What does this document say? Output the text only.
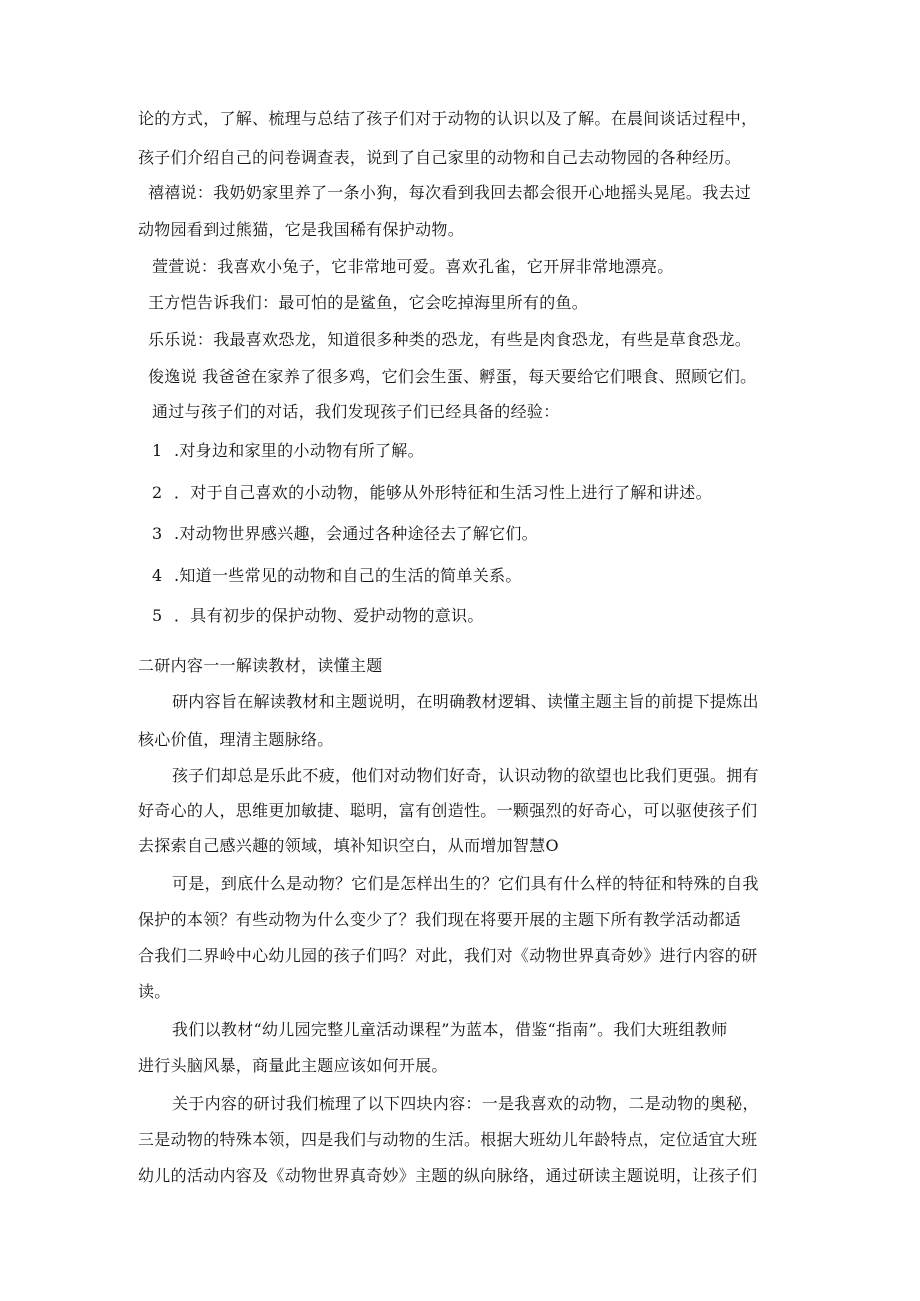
论的方式，了解、梳理与总结了孩子们对于动物的认识以及了解。在晨间谈话过程中，
孩子们介绍自己的问卷调查表，说到了自己家里的动物和自己去动物园的各种经历。
禧禧说：我奶奶家里养了一条小狗，每次看到我回去都会很开心地摇头晃尾。我去过
动物园看到过熊猫，它是我国稀有保护动物。
萱萱说：我喜欢小兔子，它非常地可爱。喜欢孔雀，它开屏非常地漂亮。
王方恺告诉我们：最可怕的是鲨鱼，它会吃掉海里所有的鱼。
乐乐说：我最喜欢恐龙，知道很多种类的恐龙，有些是肉食恐龙，有些是草食恐龙。
俊逸说 我爸爸在家养了很多鸡，它们会生蛋、孵蛋，每天要给它们喂食、照顾它们。
通过与孩子们的对话，我们发现孩子们已经具备的经验：
1 .对身边和家里的小动物有所了解。
2 ．对于自己喜欢的小动物，能够从外形特征和生活习性上进行了解和讲述。
3 .对动物世界感兴趣，会通过各种途径去了解它们。
4 .知道一些常见的动物和自己的生活的简单关系。
5 ．具有初步的保护动物、爱护动物的意识。
二研内容一一解读教材，读懂主题
研内容旨在解读教材和主题说明，在明确教材逻辑、读懂主题主旨的前提下提炼出
核心价值，理清主题脉络。
孩子们却总是乐此不疲，他们对动物们好奇，认识动物的欲望也比我们更强。拥有
好奇心的人，思维更加敏捷、聪明，富有创造性。一颗强烈的好奇心，可以驱使孩子们
去探索自己感兴趣的领域，填补知识空白，从而增加智慧O
可是，到底什么是动物？它们是怎样出生的？它们具有什么样的特征和特殊的自我
保护的本领？有些动物为什么变少了？我们现在将要开展的主题下所有教学活动都适
合我们二界岭中心幼儿园的孩子们吗？对此，我们对《动物世界真奇妙》进行内容的研
读。
我们以教材“幼儿园完整儿童活动课程”为蓝本，借鉴“指南”。我们大班组教师
进行头脑风暴，商量此主题应该如何开展。
关于内容的研讨我们梳理了以下四块内容：一是我喜欢的动物，二是动物的奥秘，
三是动物的特殊本领，四是我们与动物的生活。根据大班幼儿年龄特点，定位适宜大班
幼儿的活动内容及《动物世界真奇妙》主题的纵向脉络，通过研读主题说明，让孩子们
